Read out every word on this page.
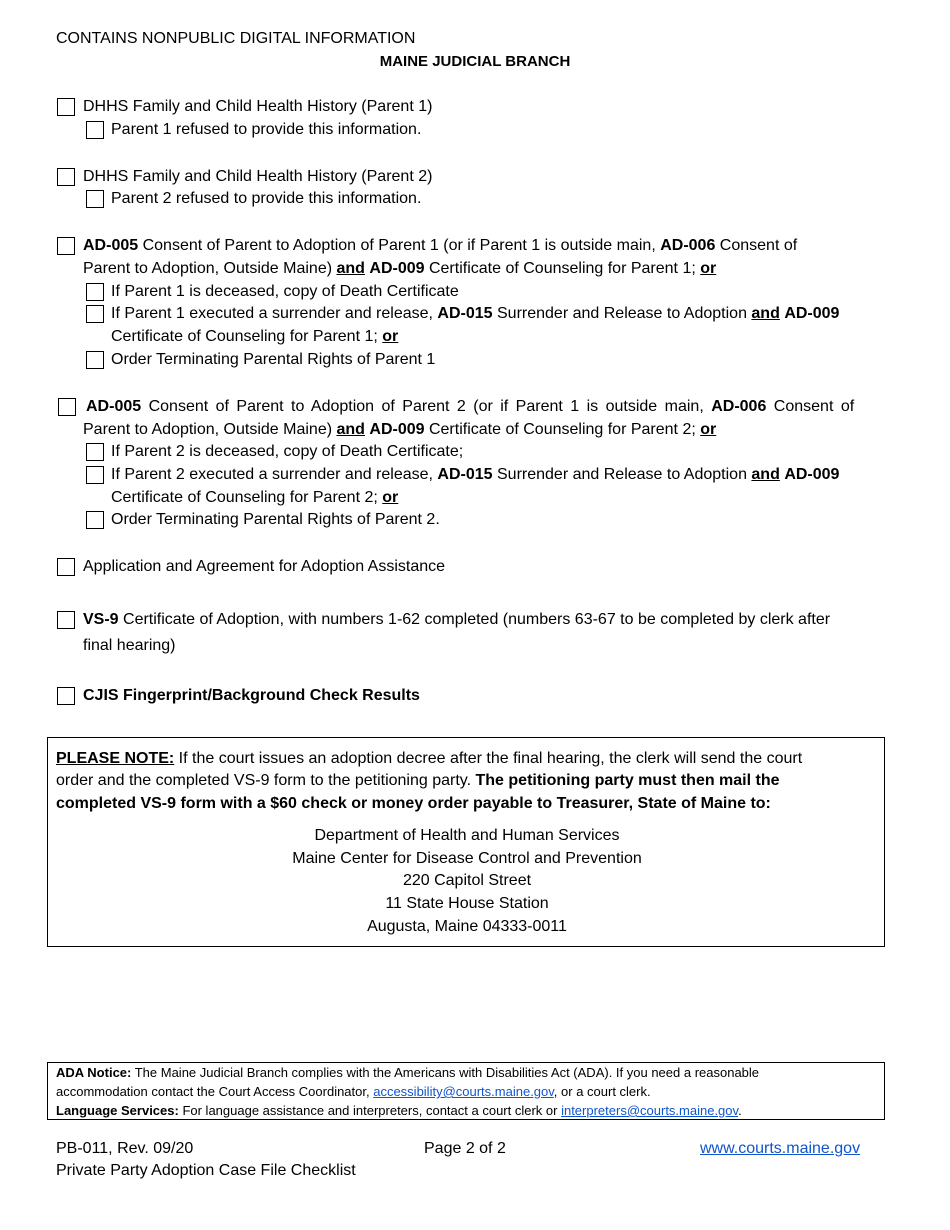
CONTAINS NONPUBLIC DIGITAL INFORMATION
MAINE JUDICIAL BRANCH
DHHS Family and Child Health History (Parent 1)
Parent 1 refused to provide this information.
DHHS Family and Child Health History (Parent 2)
Parent 2 refused to provide this information.
AD-005 Consent of Parent to Adoption of Parent 1 (or if Parent 1 is outside main, AD-006 Consent of
Parent to Adoption, Outside Maine) and AD-009 Certificate of Counseling for Parent 1; or
If Parent 1 is deceased, copy of Death Certificate
If Parent 1 executed a surrender and release, AD-015 Surrender and Release to Adoption and AD-009
Certificate of Counseling for Parent 1; or
Order Terminating Parental Rights of Parent 1
AD-005 Consent of Parent to Adoption of Parent 2 (or if Parent 1 is outside main, AD-006 Consent of
Parent to Adoption, Outside Maine) and AD-009 Certificate of Counseling for Parent 2; or
If Parent 2 is deceased, copy of Death Certificate;
If Parent 2 executed a surrender and release, AD-015 Surrender and Release to Adoption and AD-009
Certificate of Counseling for Parent 2; or
Order Terminating Parental Rights of Parent 2.
Application and Agreement for Adoption Assistance
VS-9 Certificate of Adoption, with numbers 1-62 completed (numbers 63-67 to be completed by clerk after
final hearing)
CJIS Fingerprint/Background Check Results
PLEASE NOTE: If the court issues an adoption decree after the final hearing, the clerk will send the court
order and the completed VS-9 form to the petitioning party. The petitioning party must then mail the
completed VS-9 form with a $60 check or money order payable to Treasurer, State of Maine to:
Department of Health and Human Services
Maine Center for Disease Control and Prevention
220 Capitol Street
11 State House Station
Augusta, Maine 04333-0011
ADA Notice: The Maine Judicial Branch complies with the Americans with Disabilities Act (ADA). If you need a reasonable
accommodation contact the Court Access Coordinator, accessibility@courts.maine.gov, or a court clerk.
Language Services: For language assistance and interpreters, contact a court clerk or interpreters@courts.maine.gov.
PB-011, Rev. 09/20
Private Party Adoption Case File Checklist
Page 2 of 2	www.courts.maine.gov
